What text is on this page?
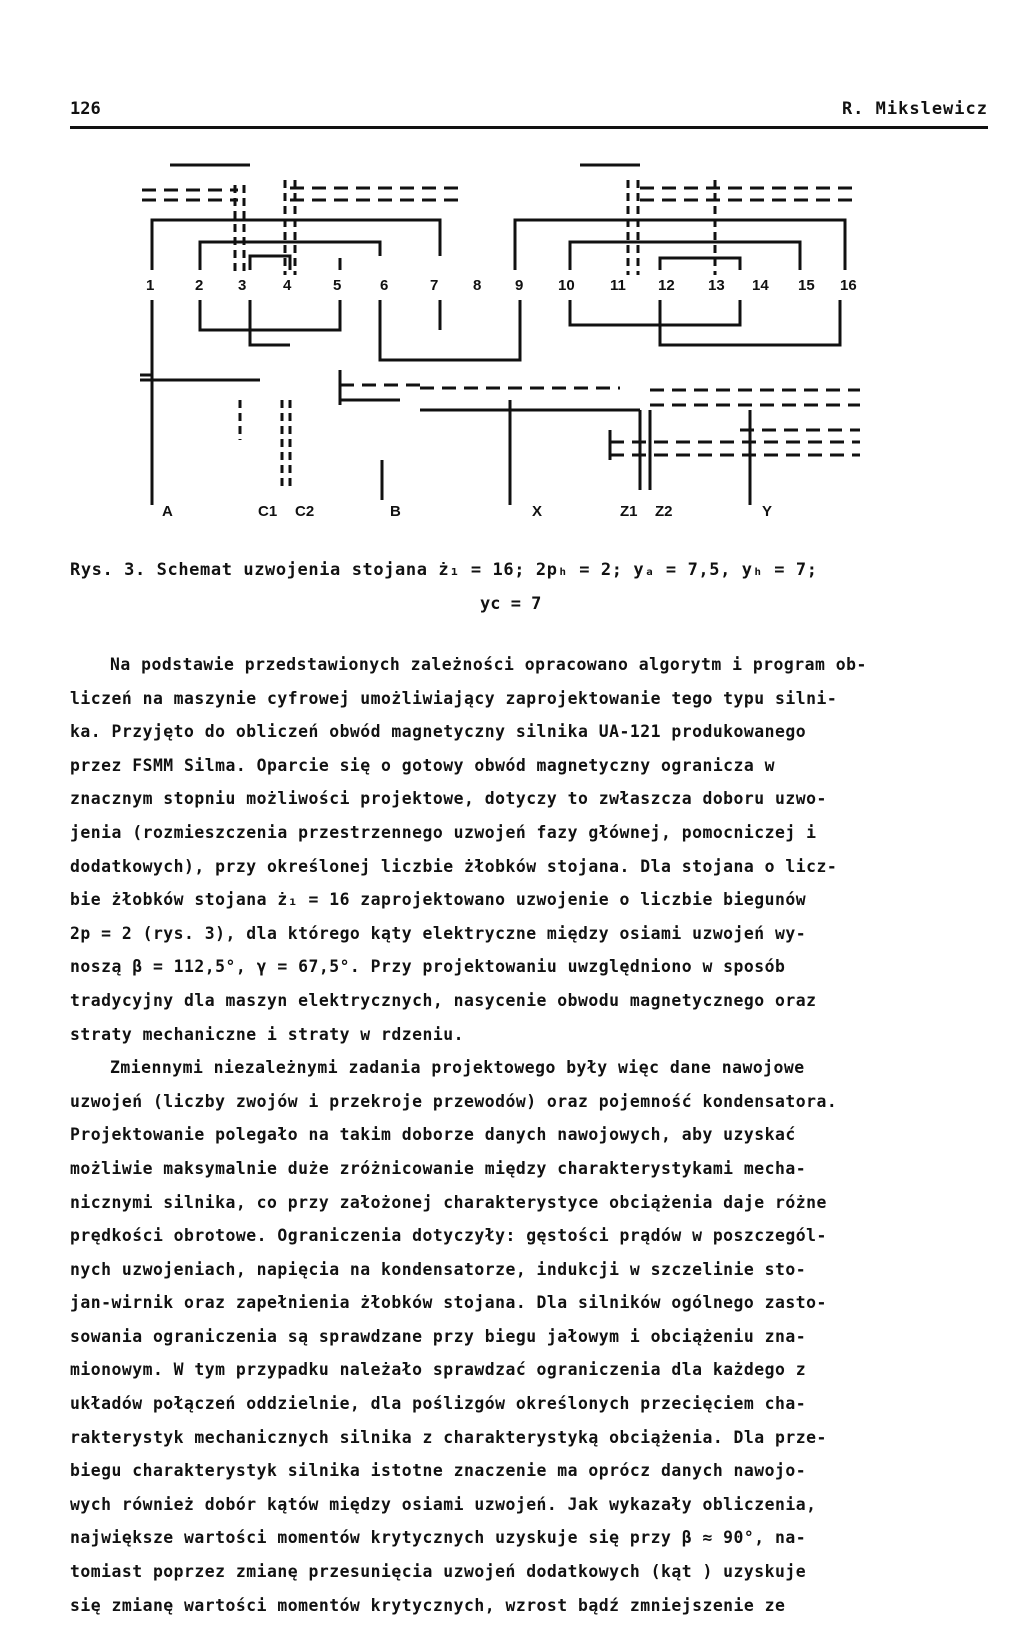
126	R. Mikslewicz
1	2 3 4	5	6	7 8 9 10 11 12 13 14 15 16
A	C1 C2	B	X	Z1 Z2	Y
Rys. 3. Schemat uzwojenia stojana ż₁ = 16; 2pₕ = 2; yₐ = 7,5, yₕ = 7;
yc = 7
Na podstawie przedstawionych zależności opracowano algorytm i program ob-
liczeń na maszynie cyfrowej umożliwiający zaprojektowanie tego typu silni-
ka. Przyjęto do obliczeń obwód magnetyczny silnika UA-121 produkowanego
przez FSMM Silma. Oparcie się o gotowy obwód magnetyczny ogranicza w
znacznym stopniu możliwości projektowe, dotyczy to zwłaszcza doboru uzwo-
jenia (rozmieszczenia przestrzennego uzwojeń fazy głównej, pomocniczej i
dodatkowych), przy określonej liczbie żłobków stojana. Dla stojana o licz-
bie żłobków stojana ż₁ = 16 zaprojektowano uzwojenie o liczbie biegunów
2p = 2 (rys. 3), dla którego kąty elektryczne między osiami uzwojeń wy-
noszą β = 112,5°, γ = 67,5°. Przy projektowaniu uwzględniono w sposób
tradycyjny dla maszyn elektrycznych, nasycenie obwodu magnetycznego oraz
straty mechaniczne i straty w rdzeniu.
Zmiennymi niezależnymi zadania projektowego były więc dane nawojowe
uzwojeń (liczby zwojów i przekroje przewodów) oraz pojemność kondensatora.
Projektowanie polegało na takim doborze danych nawojowych, aby uzyskać
możliwie maksymalnie duże zróżnicowanie między charakterystykami mecha-
nicznymi silnika, co przy założonej charakterystyce obciążenia daje różne
prędkości obrotowe. Ograniczenia dotyczyły: gęstości prądów w poszczegól-
nych uzwojeniach, napięcia na kondensatorze, indukcji w szczelinie sto-
jan-wirnik oraz zapełnienia żłobków stojana. Dla silników ogólnego zasto-
sowania ograniczenia są sprawdzane przy biegu jałowym i obciążeniu zna-
mionowym. W tym przypadku należało sprawdzać ograniczenia dla każdego z
układów połączeń oddzielnie, dla poślizgów określonych przecięciem cha-
rakterystyk mechanicznych silnika z charakterystyką obciążenia. Dla prze-
biegu charakterystyk silnika istotne znaczenie ma oprócz danych nawojo-
wych również dobór kątów między osiami uzwojeń. Jak wykazały obliczenia,
największe wartości momentów krytycznych uzyskuje się przy β ≈ 90°, na-
tomiast poprzez zmianę przesunięcia uzwojeń dodatkowych (kąt ) uzyskuje
się zmianę wartości momentów krytycznych, wzrost bądź zmniejszenie ze
